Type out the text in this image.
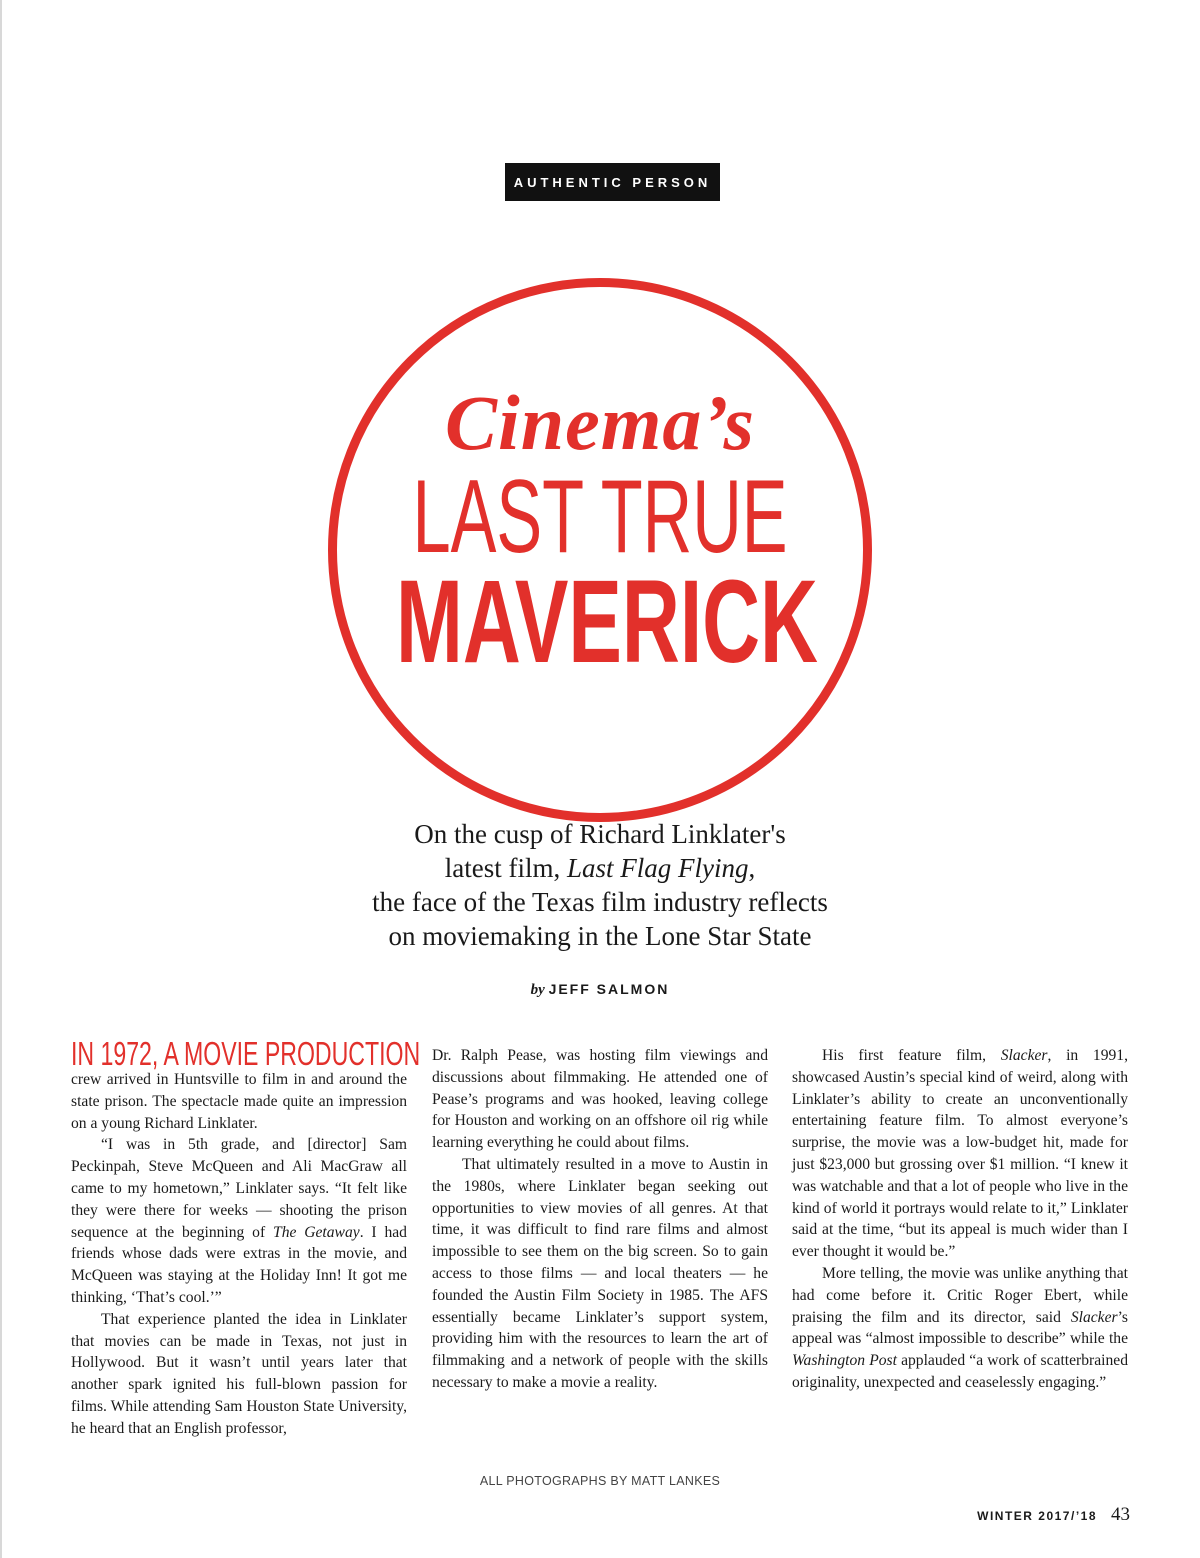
AUTHENTIC PERSON
Cinema’s
LAST TRUE
MAVERICK
On the cusp of Richard Linklater's
latest film, Last Flag Flying,
the face of the Texas film industry reflects
on moviemaking in the Lone Star State
by JEFF SALMON
IN 1972, A MOVIE PRODUCTION

crew arrived in Huntsville to film in and around the state prison. The spectacle made quite an impression on a young Richard Linklater.

“I was in 5th grade, and [director] Sam Peckinpah, Steve McQueen and Ali MacGraw all came to my hometown,” Linklater says. “It felt like they were there for weeks — shooting the prison sequence at the beginning of The Getaway. I had friends whose dads were extras in the movie, and McQueen was staying at the Holiday Inn! It got me thinking, ‘That’s cool.’”

That experience planted the idea in Linklater that movies can be made in Texas, not just in Hollywood. But it wasn’t until years later that another spark ignited his full-blown passion for films. While attending Sam Houston State University, he heard that an English professor,

Dr. Ralph Pease, was hosting film viewings and discussions about filmmaking. He attended one of Pease’s programs and was hooked, leaving college for Houston and working on an offshore oil rig while learning everything he could about films.

That ultimately resulted in a move to Austin in the 1980s, where Linklater began seeking out opportunities to view movies of all genres. At that time, it was difficult to find rare films and almost impossible to see them on the big screen. So to gain access to those films — and local theaters — he founded the Austin Film Society in 1985. The AFS essentially became Linklater’s support system, providing him with the resources to learn the art of filmmaking and a network of people with the skills necessary to make a movie a reality.

His first feature film, Slacker, in 1991, showcased Austin’s special kind of weird, along with Linklater’s ability to create an unconventionally entertaining feature film. To almost everyone’s surprise, the movie was a low-budget hit, made for just $23,000 but grossing over $1 million. “I knew it was watchable and that a lot of people who live in the kind of world it portrays would relate to it,” Linklater said at the time, “but its appeal is much wider than I ever thought it would be.”

More telling, the movie was unlike anything that had come before it. Critic Roger Ebert, while praising the film and its director, said Slacker’s appeal was “almost impossible to describe” while the Washington Post applauded “a work of scatterbrained originality, unexpected and ceaselessly engaging.”

ALL PHOTOGRAPHS BY MATT LANKES
WINTER 2017/’18 43
